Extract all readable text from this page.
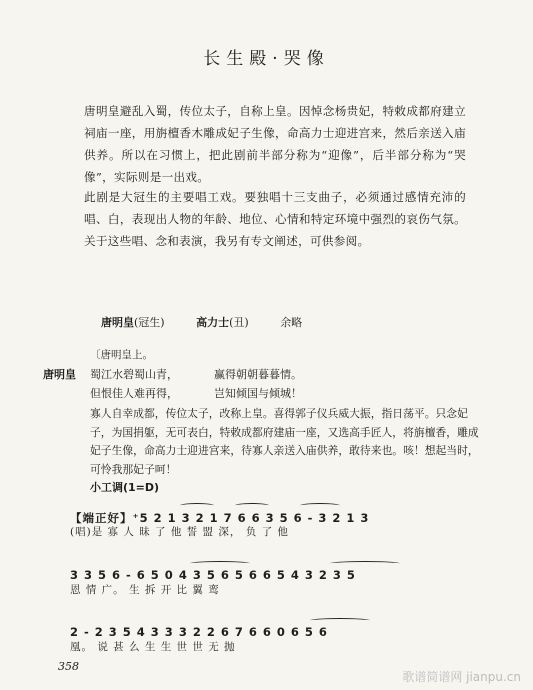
长生殿·哭像

唐明皇避乱入蜀，传位太子，自称上皇。因悼念杨贵妃，特敕成都府建立祠庙一座，用旃檀香木雕成妃子生像，命高力士迎进宫来，然后亲送入庙供养。所以在习惯上，把此剧前半部分称为“迎像”，后半部分称为“哭像”，实际则是一出戏。

此剧是大冠生的主要唱工戏。要独唱十三支曲子，必须通过感情充沛的唱、白，表现出人物的年龄、地位、心情和特定环境中强烈的哀伤气氛。关于这些唱、念和表演，我另有专文阐述，可供参阅。

唐明皇(冠生)	高力士(丑)	余略
〔唐明皇上。
唐明皇 蜀江水碧蜀山青，	赢得朝朝暮暮情。
但恨佳人难再得，	岂知倾国与倾城！

寡人自幸成都，传位太子，改称上皇。喜得郭子仪兵威大振，指日荡平。只念妃子，为国捐躯，无可表白，特敕成都府建庙一座，又选高手匠人，将旃檀香，雕成妃子生像，命高力士迎进宫来，待寡人亲送入庙供养，敢待来也。咳！想起当时，可怜我那妃子呵！

小工调(1=D)
【端正好】⁺5 2 1 3 2 1 7 6 6 3 5 6 - 3 2 1 3
(唱)是 寡 人 昧 了 他 誓 盟 深， 负 了 他
3 3 5 6 - 6 5 0 4 3 5 6 5 6 6 5 4 3 2 3 5
恩 情 广。 生 拆 开 比 翼 鸾
2 - 2 3 5 4 3 3 3 2 2 6 7 6 6 0 6 5 6
凰。 说 甚 么 生 生 世 世 无 抛
358
歌谱简谱网 jianpu.cn
